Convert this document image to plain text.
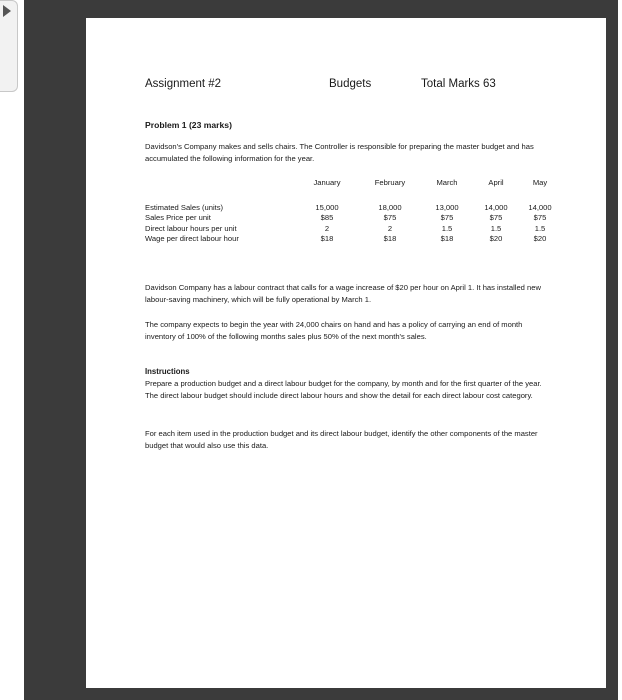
Assignment #2	Budgets	Total Marks 63
Problem 1 (23 marks)
Davidson's Company makes and sells chairs. The Controller is responsible for preparing the master budget and has accumulated the following information for the year.
	January	February	March	April	May
Estimated Sales (units)	15,000	18,000	13,000	14,000	14,000
Sales Price per unit	$85	$75	$75	$75	$75
Direct labour hours per unit	2	2	1.5	1.5	1.5
Wage per direct labour hour	$18	$18	$18	$20	$20
Davidson Company has a labour contract that calls for a wage increase of $20 per hour on April 1. It has installed new labour-saving machinery, which will be fully operational by March 1.
The company expects to begin the year with 24,000 chairs on hand and has a policy of carrying an end of month inventory of 100% of the following months sales plus 50% of the next month's sales.
Instructions
Prepare a production budget and a direct labour budget for the company, by month and for the first quarter of the year. The direct labour budget should include direct labour hours and show the detail for each direct labour cost category.
For each item used in the production budget and its direct labour budget, identify the other components of the master budget that would also use this data.
